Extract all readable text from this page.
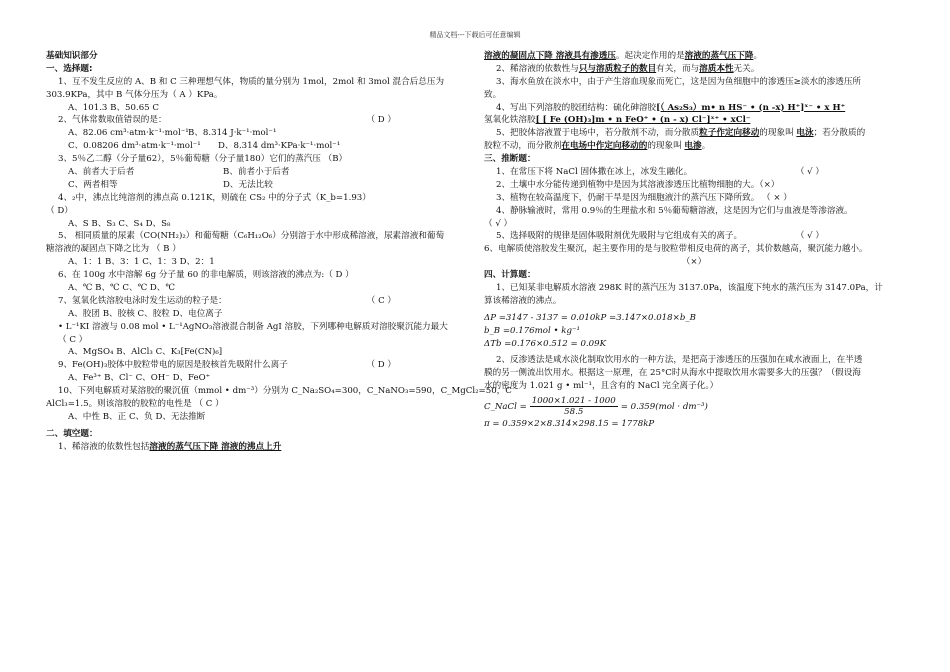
精品文档---下载后可任意编辑
基础知识部分
一、选择题:
1、互不发生反应的 A、B 和 C 三种理想气体，物质的量分别为 1mol，2mol 和 3mol 混合后总压为
303.9KPa，其中 B 气体分压为（ A ）KPa。
A、101.3 B、50.65 C
2、气体常数取值错误的是：	（ D ）
A、82.06 cm³·atm·k⁻¹·mol⁻¹ B、8.314 J·k⁻¹·mol⁻¹
C、0.08206 dm³·atm·k⁻¹·mol⁻¹	D、8.314 dm³·KPa·k⁻¹·mol⁻¹
3、5％乙二醇（分子量62），5％葡萄糖（分子量180）它们的蒸汽压 （B）
A、前者大于后者	B、前者小于后者
C、两者相等	D、无法比较
4、₂中，沸点比纯溶剂的沸点高 0.121K，则硫在 CS₂ 中的分子式（K_b=1.93）
（ D）
A、S B、S₃ C、S₄ D、S₈
5、 相同质量的尿素（CO(NH₂)₂）和葡萄糖（C₆H₁₂O₆）分别溶于水中形成稀溶液，尿素溶液和葡萄
糖溶液的凝固点下降之比为 （ B ）
A、1：1 B、3：1 C、1：3 D、2：1
6、在 100g 水中溶解 6g 分子量 60 的非电解质，则该溶液的沸点为:（ D ）
A、℃ B、℃ C、℃ D、℃
7、氢氧化铁溶胶电泳时发生运动的粒子是：	（ C ）
A、胶团 B、胶核 C、胶粒 D、电位离子
• L⁻¹KI 溶液与 0.08 mol • L⁻¹AgNO₃溶液混合制备 AgI 溶胶，下列哪种电解质对溶胶聚沉能力最大
（ C ）
A、MgSO₄ B、AlCl₃ C、K₃[Fe(CN)₆]
9、Fe(OH)₃胶体中胶粒带电的原因是胶核首先吸附什么离子	（ D ）
A、Fe³⁺ B、Cl⁻ C、OH⁻ D、FeO⁺
10、下列电解质对某溶胶的聚沉值（mmol • dm⁻³）分别为 C_Na₂SO₄=300，C_NaNO₃=590，C_MgCl₂=50，C
AlCl₃=1.5。则该溶胶的胶粒的电性是 （ C ）
A、中性 B、正 C、负 D、无法推断
二、填空题：
1、稀溶液的依数性包括溶液的蒸气压下降 溶液的沸点上升
溶液的凝固点下降 溶液具有渗透压。起决定作用的是溶液的蒸气压下降。
2、稀溶液的依数性与只与溶质粒子的数目有关，而与溶质本性无关。
3、海水鱼放在淡水中，由于产生溶血现象而死亡，这是因为鱼细胞中的渗透压≥淡水的渗透压所
致。
4、写出下列溶胶的胶团结构：硫化砷溶胶[（ As₂S₃）m• n HS⁻ • (n -x) H⁺]ˣ⁻ • x H⁺
氢氧化铁溶胶[ [ Fe (OH)₃]m • n FeO⁺ • (n - x) Cl⁻]ˣ⁺ • xCl⁻
5、把胶体溶液置于电场中，若分散剂不动，而分散质粒子作定向移动的现象叫 电泳；若分散质的
胶粒不动，而分散剂在电场中作定向移动的的现象叫 电渗。
三、推断题：
1、在常压下将 NaCl 固体撒在冰上，冰发生融化。	（ √ ）
2、土壤中水分能传递到植物中是因为其溶液渗透压比植物细胞的大。（×）
3、植物在较高温度下，仍耐干旱是因为细胞液汁的蒸汽压下降所致。 （ × ）
4、静脉输液时，常用 0.9％的生理盐水和 5％葡萄糖溶液，这是因为它们与血液是等渗溶液。
（ √ ）
5、选择吸附的规律是固体吸附剂优先吸附与它组成有关的离子。	（ √ ）
6、电解质使溶胶发生聚沉，起主要作用的是与胶粒带相反电荷的离子，其价数越高，聚沉能力越小。
（×）
四、计算题：
1、已知某非电解质水溶液 298K 时的蒸汽压为 3137.0Pa，该温度下纯水的蒸汽压为 3147.0Pa，计
算该稀溶液的沸点。
ΔP =3147 - 3137 = 0.010kP =3.147×0.018×b_B
b_B =0.176mol • kg⁻¹
ΔTb =0.176×0.512 = 0.09K
2、反渗透法是咸水淡化制取饮用水的一种方法，是把高于渗透压的压强加在咸水液面上，在半透
膜的另一侧流出饮用水。根据这一原理，在 25°C时从海水中提取饮用水需要多大的压强？（假设海
水的密度为 1.021 g • ml⁻¹，且含有的 NaCl 完全离子化。）
C_NaCl = $\frac{1000\times 1.021 - 1000}{58.5} = 0.359(mol \cdot dm^{-3})$
π = 0.359×2×8.314×298.15 = 1778kP
